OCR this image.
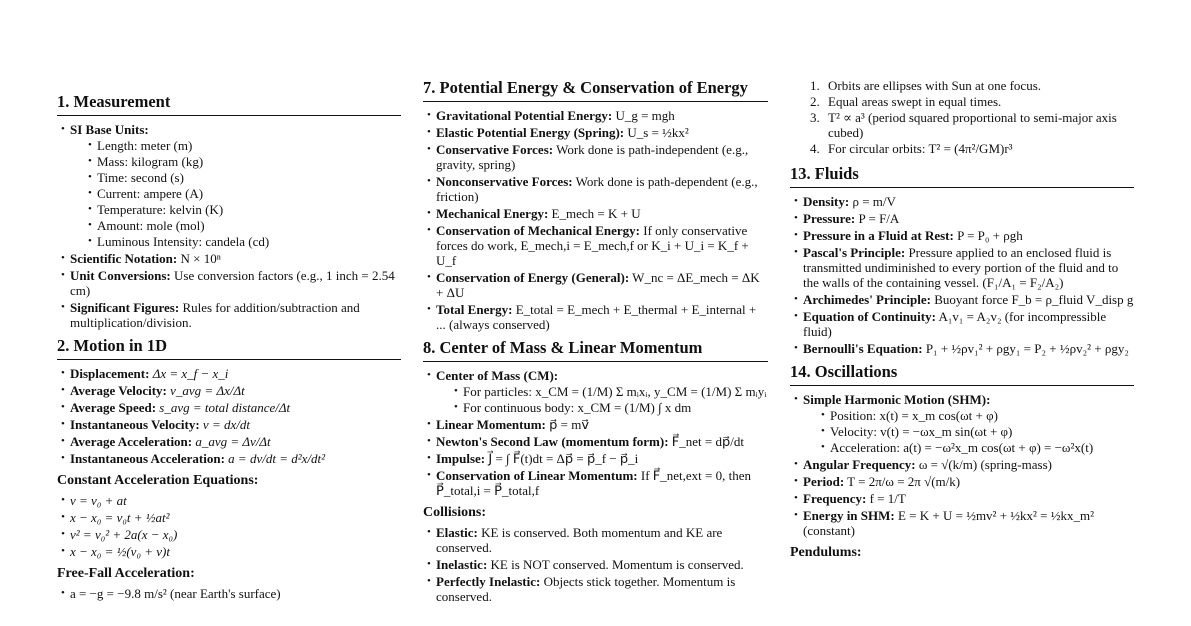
1. Measurement
• SI Base Units:
• Length: meter (m)
• Mass: kilogram (kg)
• Time: second (s)
• Current: ampere (A)
• Temperature: kelvin (K)
• Amount: mole (mol)
• Luminous Intensity: candela (cd)
• Scientific Notation: N × 10ⁿ
• Unit Conversions: Use conversion factors (e.g., 1 inch = 2.54 cm)
• Significant Figures: Rules for addition/subtraction and multiplication/division.
2. Motion in 1D
• Displacement: Δx = x_f − x_i
• Average Velocity: v_avg = Δx/Δt
• Average Speed: s_avg = total distance/Δt
• Instantaneous Velocity: v = dx/dt
• Average Acceleration: a_avg = Δv/Δt
• Instantaneous Acceleration: a = dv/dt = d²x/dt²
Constant Acceleration Equations:
• v = v₀ + at
• x − x₀ = v₀t + ½at²
• v² = v₀² + 2a(x − x₀)
• x − x₀ = ½(v₀ + v)t
Free-Fall Acceleration:
• a = −g = −9.8 m/s² (near Earth's surface)
7. Potential Energy & Conservation of Energy
• Gravitational Potential Energy: U_g = mgh
• Elastic Potential Energy (Spring): U_s = ½kx²
• Conservative Forces: Work done is path-independent (e.g., gravity, spring)
• Nonconservative Forces: Work done is path-dependent (e.g., friction)
• Mechanical Energy: E_mech = K + U
• Conservation of Mechanical Energy: If only conservative forces do work, E_mech,i = E_mech,f or K_i + U_i = K_f + U_f
• Conservation of Energy (General): W_nc = ΔE_mech = ΔK + ΔU
• Total Energy: E_total = E_mech + E_thermal + E_internal + ... (always conserved)
8. Center of Mass & Linear Momentum
• Center of Mass (CM):
• For particles: x_CM = (1/M) Σ mᵢxᵢ, y_CM = (1/M) Σ mᵢyᵢ
• For continuous body: x_CM = (1/M) ∫ x dm
• Linear Momentum: p⃗ = mv⃗
• Newton's Second Law (momentum form): F⃗_net = dp⃗/dt
• Impulse: J⃗ = ∫ F⃗(t)dt = Δp⃗ = p⃗_f − p⃗_i
• Conservation of Linear Momentum: If F⃗_net,ext = 0, then P⃗_total,i = P⃗_total,f
Collisions:
• Elastic: KE is conserved. Both momentum and KE are conserved.
• Inelastic: KE is NOT conserved. Momentum is conserved.
• Perfectly Inelastic: Objects stick together. Momentum is conserved.
1. Orbits are ellipses with Sun at one focus.
2. Equal areas swept in equal times.
3. T² ∝ a³ (period squared proportional to semi-major axis cubed)
4. For circular orbits: T² = (4π²/GM)r³
13. Fluids
• Density: ρ = m/V
• Pressure: P = F/A
• Pressure in a Fluid at Rest: P = P₀ + ρgh
• Pascal's Principle: Pressure applied to an enclosed fluid is transmitted undiminished to every portion of the fluid and to the walls of the containing vessel. (F₁/A₁ = F₂/A₂)
• Archimedes' Principle: Buoyant force F_b = ρ_fluid V_disp g
• Equation of Continuity: A₁v₁ = A₂v₂ (for incompressible fluid)
• Bernoulli's Equation: P₁ + ½ρv₁² + ρgy₁ = P₂ + ½ρv₂² + ρgy₂
14. Oscillations
• Simple Harmonic Motion (SHM):
• Position: x(t) = x_m cos(ωt + φ)
• Velocity: v(t) = −ωx_m sin(ωt + φ)
• Acceleration: a(t) = −ω²x_m cos(ωt + φ) = −ω²x(t)
• Angular Frequency: ω = √(k/m) (spring-mass)
• Period: T = 2π/ω = 2π √(m/k)
• Frequency: f = 1/T
• Energy in SHM: E = K + U = ½mv² + ½kx² = ½kx_m² (constant)
Pendulums:
